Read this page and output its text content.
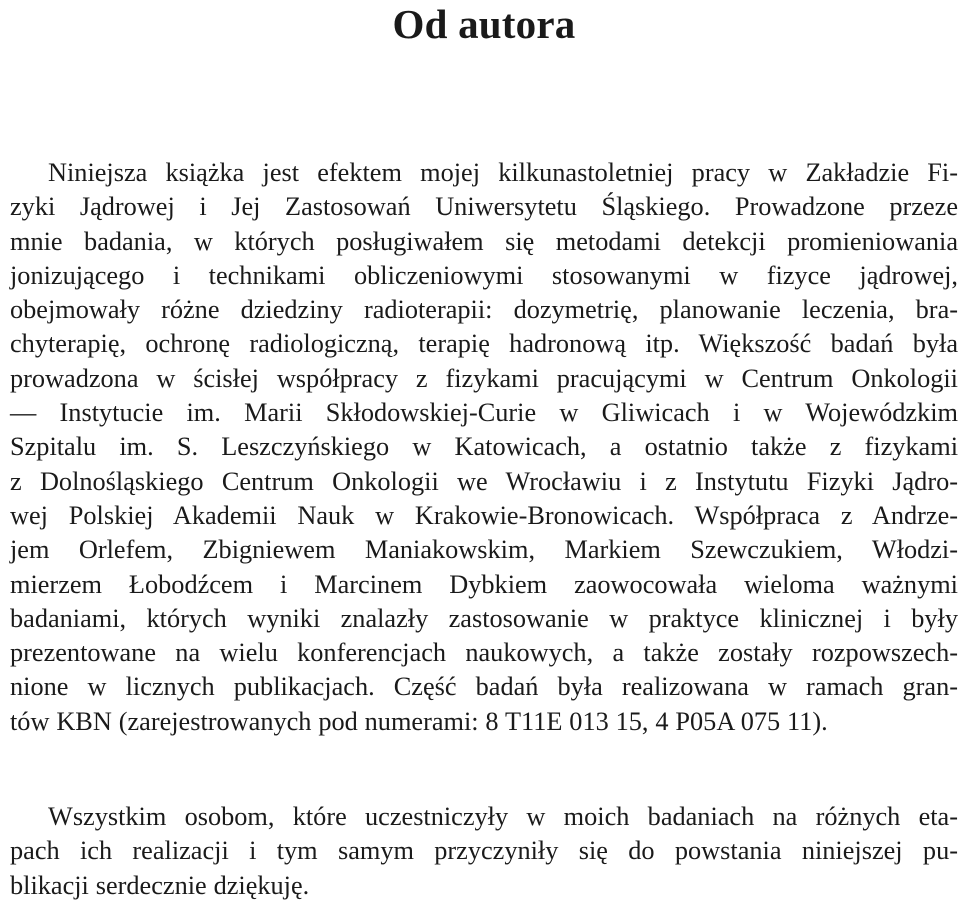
Od autora
Niniejsza książka jest efektem mojej kilkunastoletniej pracy w Zakładzie Fi-
zyki Jądrowej i Jej Zastosowań Uniwersytetu Śląskiego. Prowadzone przeze
mnie badania, w których posługiwałem się metodami detekcji promieniowania
jonizującego i technikami obliczeniowymi stosowanymi w fizyce jądrowej,
obejmowały różne dziedziny radioterapii: dozymetrię, planowanie leczenia, bra-
chyterapię, ochronę radiologiczną, terapię hadronową itp. Większość badań była
prowadzona w ścisłej współpracy z fizykami pracującymi w Centrum Onkologii
— Instytucie im. Marii Skłodowskiej-Curie w Gliwicach i w Wojewódzkim
Szpitalu im. S. Leszczyńskiego w Katowicach, a ostatnio także z fizykami
z Dolnośląskiego Centrum Onkologii we Wrocławiu i z Instytutu Fizyki Jądro-
wej Polskiej Akademii Nauk w Krakowie-Bronowicach. Współpraca z Andrze-
jem Orlefem, Zbigniewem Maniakowskim, Markiem Szewczukiem, Włodzi-
mierzem Łobodźcem i Marcinem Dybkiem zaowocowała wieloma ważnymi
badaniami, których wyniki znalazły zastosowanie w praktyce klinicznej i były
prezentowane na wielu konferencjach naukowych, a także zostały rozpowszech-
nione w licznych publikacjach. Część badań była realizowana w ramach gran-
tów KBN (zarejestrowanych pod numerami: 8 T11E 013 15, 4 P05A 075 11).
Wszystkim osobom, które uczestniczyły w moich badaniach na różnych eta-
pach ich realizacji i tym samym przyczyniły się do powstania niniejszej pu-
blikacji serdecznie dziękuję.
